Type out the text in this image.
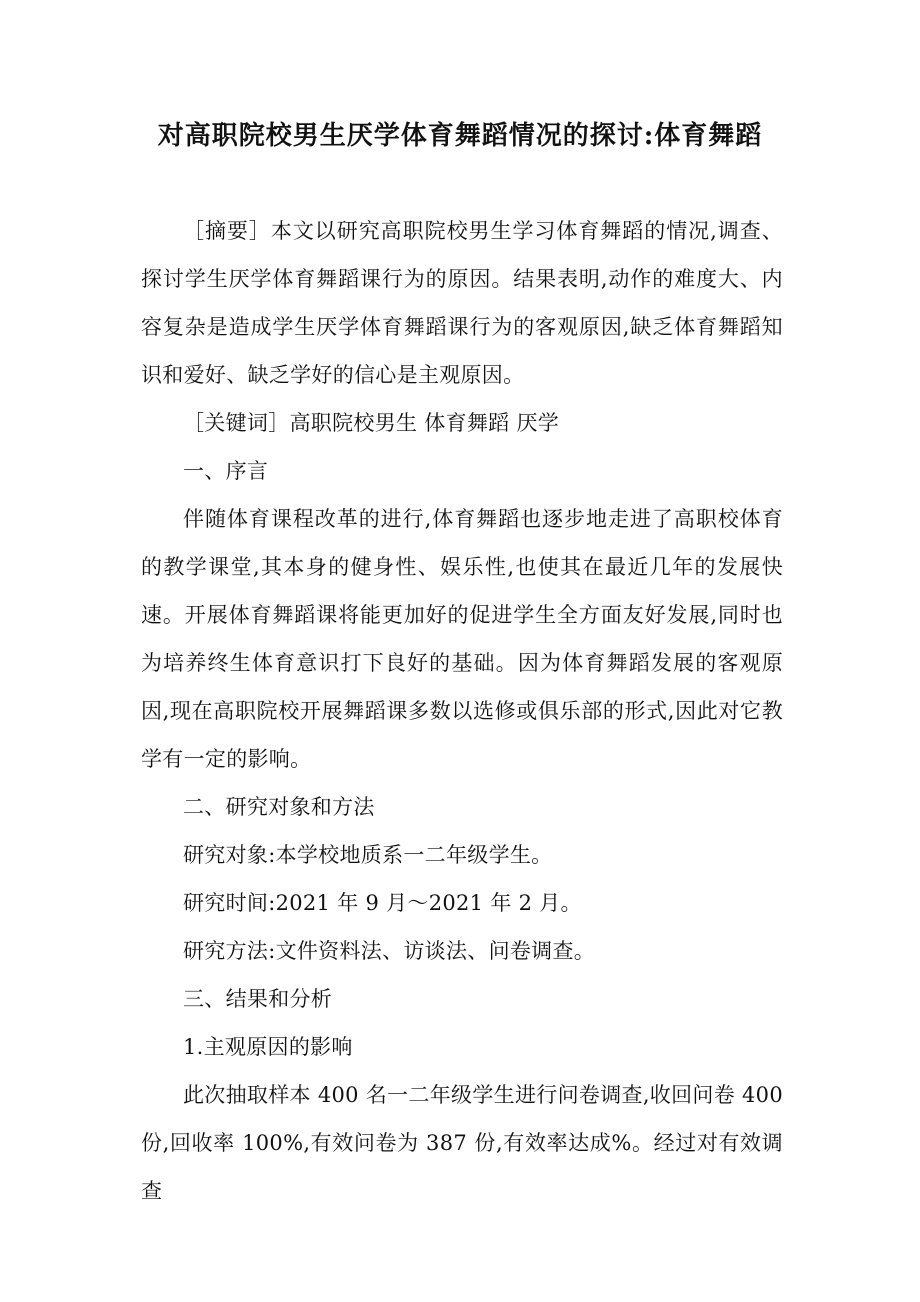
对高职院校男生厌学体育舞蹈情况的探讨:体育舞蹈

［摘要］本文以研究高职院校男生学习体育舞蹈的情况,调查、探讨学生厌学体育舞蹈课行为的原因。结果表明,动作的难度大、内容复杂是造成学生厌学体育舞蹈课行为的客观原因,缺乏体育舞蹈知识和爱好、缺乏学好的信心是主观原因。

［关键词］高职院校男生 体育舞蹈 厌学

一、序言

伴随体育课程改革的进行,体育舞蹈也逐步地走进了高职校体育的教学课堂,其本身的健身性、娱乐性,也使其在最近几年的发展快速。开展体育舞蹈课将能更加好的促进学生全方面友好发展,同时也为培养终生体育意识打下良好的基础。因为体育舞蹈发展的客观原因,现在高职院校开展舞蹈课多数以选修或俱乐部的形式,因此对它教学有一定的影响。

二、研究对象和方法

研究对象:本学校地质系一二年级学生。

研究时间:2021 年 9 月～2021 年 2 月。

研究方法:文件资料法、访谈法、问卷调查。

三、结果和分析

1.主观原因的影响

此次抽取样本 400 名一二年级学生进行问卷调查,收回问卷 400 份,回收率 100%,有效问卷为 387 份,有效率达成%。经过对有效调查
